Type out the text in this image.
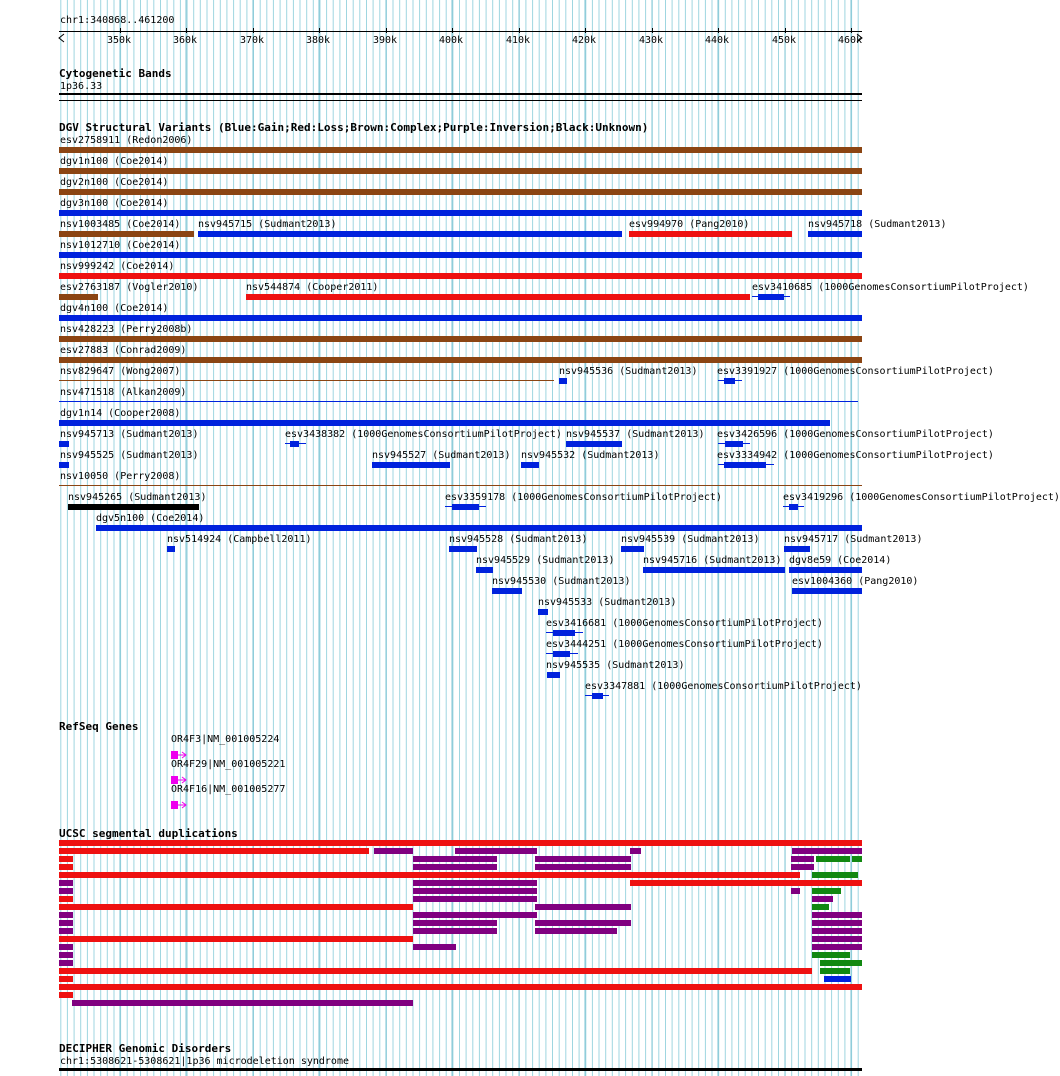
chr1:340868..461200
350k	360k	370k	380k	390k	400k	410k	420k	430k	440k	450k	460k
Cytogenetic Bands
1p36.33
DGV Structural Variants (Blue:Gain;Red:Loss;Brown:Complex;Purple:Inversion;Black:Unknown)
esv2758911 (Redon2006)
dgv1n100 (Coe2014)
dgv2n100 (Coe2014)
dgv3n100 (Coe2014)
nsv1003485 (Coe2014) nsv945715 (Sudmant2013)	esv994970 (Pang2010)	nsv945718 (Sudmant2013)
nsv1012710 (Coe2014)
nsv999242 (Coe2014)
esv2763187 (Vogler2010)	nsv544874 (Cooper2011)	esv3410685 (1000GenomesConsortiumPilotProject)
dgv4n100 (Coe2014)
nsv428223 (Perry2008b)
esv27883 (Conrad2009)
nsv829647 (Wong2007)	nsv945536 (Sudmant2013) esv3391927 (1000GenomesConsortiumPilotProject)
nsv471518 (Alkan2009)
dgv1n14 (Cooper2008)
nsv945713 (Sudmant2013)	esv3438382 (1000GenomesConsortiumPilotProject) nsv945537 (Sudmant2013) esv3426596 (1000GenomesConsortiumPilotProject)
nsv945525 (Sudmant2013)	nsv945527 (Sudmant2013) nsv945532 (Sudmant2013)	esv3334942 (1000GenomesConsortiumPilotProject)
nsv10050 (Perry2008)
nsv945265 (Sudmant2013)	esv3359178 (1000GenomesConsortiumPilotProject)	esv3419296 (1000GenomesConsortiumPilotProject)
dgv5n100 (Coe2014)
nsv514924 (Campbell2011)	nsv945528 (Sudmant2013)	nsv945539 (Sudmant2013) nsv945717 (Sudmant2013)
nsv945529 (Sudmant2013)	nsv945716 (Sudmant2013) dgv8e59 (Coe2014)
nsv945530 (Sudmant2013)	esv1004360 (Pang2010)
nsv945533 (Sudmant2013)
esv3416681 (1000GenomesConsortiumPilotProject)
esv3444251 (1000GenomesConsortiumPilotProject)
nsv945535 (Sudmant2013)
esv3347881 (1000GenomesConsortiumPilotProject)
RefSeq Genes
OR4F3|NM_001005224
OR4F29|NM_001005221
OR4F16|NM_001005277
UCSC segmental duplications
DECIPHER Genomic Disorders
chr1:5308621-5308621|1p36 microdeletion syndrome
